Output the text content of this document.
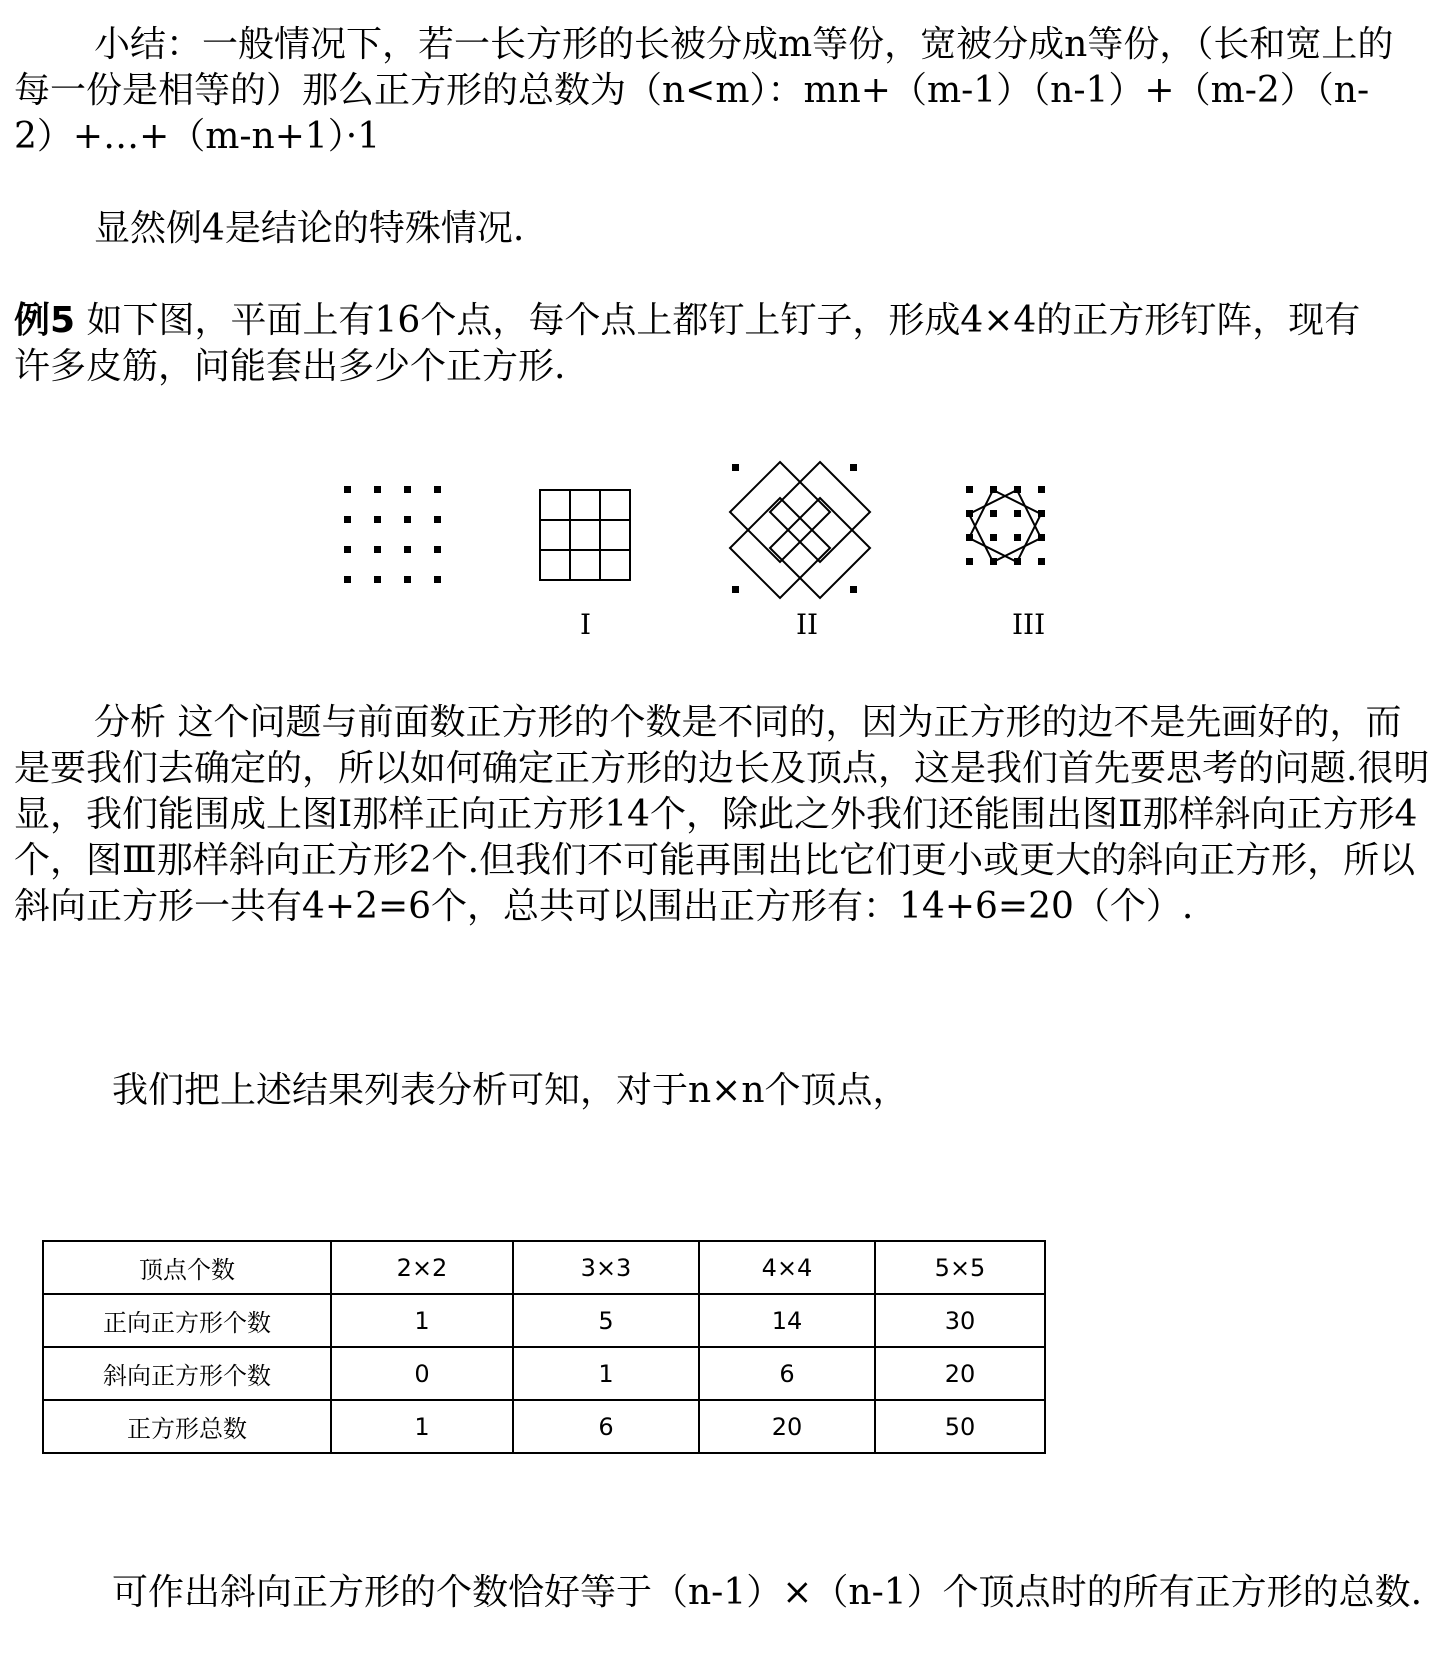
小结：一般情况下，若一长方形的长被分成m等份，宽被分成n等份，（长和宽上的每一份是相等的）那么正方形的总数为（n<m）：mn+（m-1）（n-1）+（m-2）（n-2）+…+（m-n+1）·1
显然例4是结论的特殊情况.
例5 如下图，平面上有16个点，每个点上都钉上钉子，形成4×4的正方形钉阵，现有许多皮筋，问能套出多少个正方形.
I	II	III
分析 这个问题与前面数正方形的个数是不同的，因为正方形的边不是先画好的，而是要我们去确定的，所以如何确定正方形的边长及顶点，这是我们首先要思考的问题.很明显，我们能围成上图Ⅰ那样正向正方形14个，除此之外我们还能围出图Ⅱ那样斜向正方形4个，图Ⅲ那样斜向正方形2个.但我们不可能再围出比它们更小或更大的斜向正方形，所以斜向正方形一共有4+2=6个，总共可以围出正方形有：14+6=20（个）.
我们把上述结果列表分析可知，对于n×n个顶点，
顶点个数	2×2	3×3	4×4	5×5
正向正方形个数	1	5	14	30
斜向正方形个数	0	1	6	20
正方形总数	1	6	20	50
可作出斜向正方形的个数恰好等于（n-1）×（n-1）个顶点时的所有正方形的总数.
